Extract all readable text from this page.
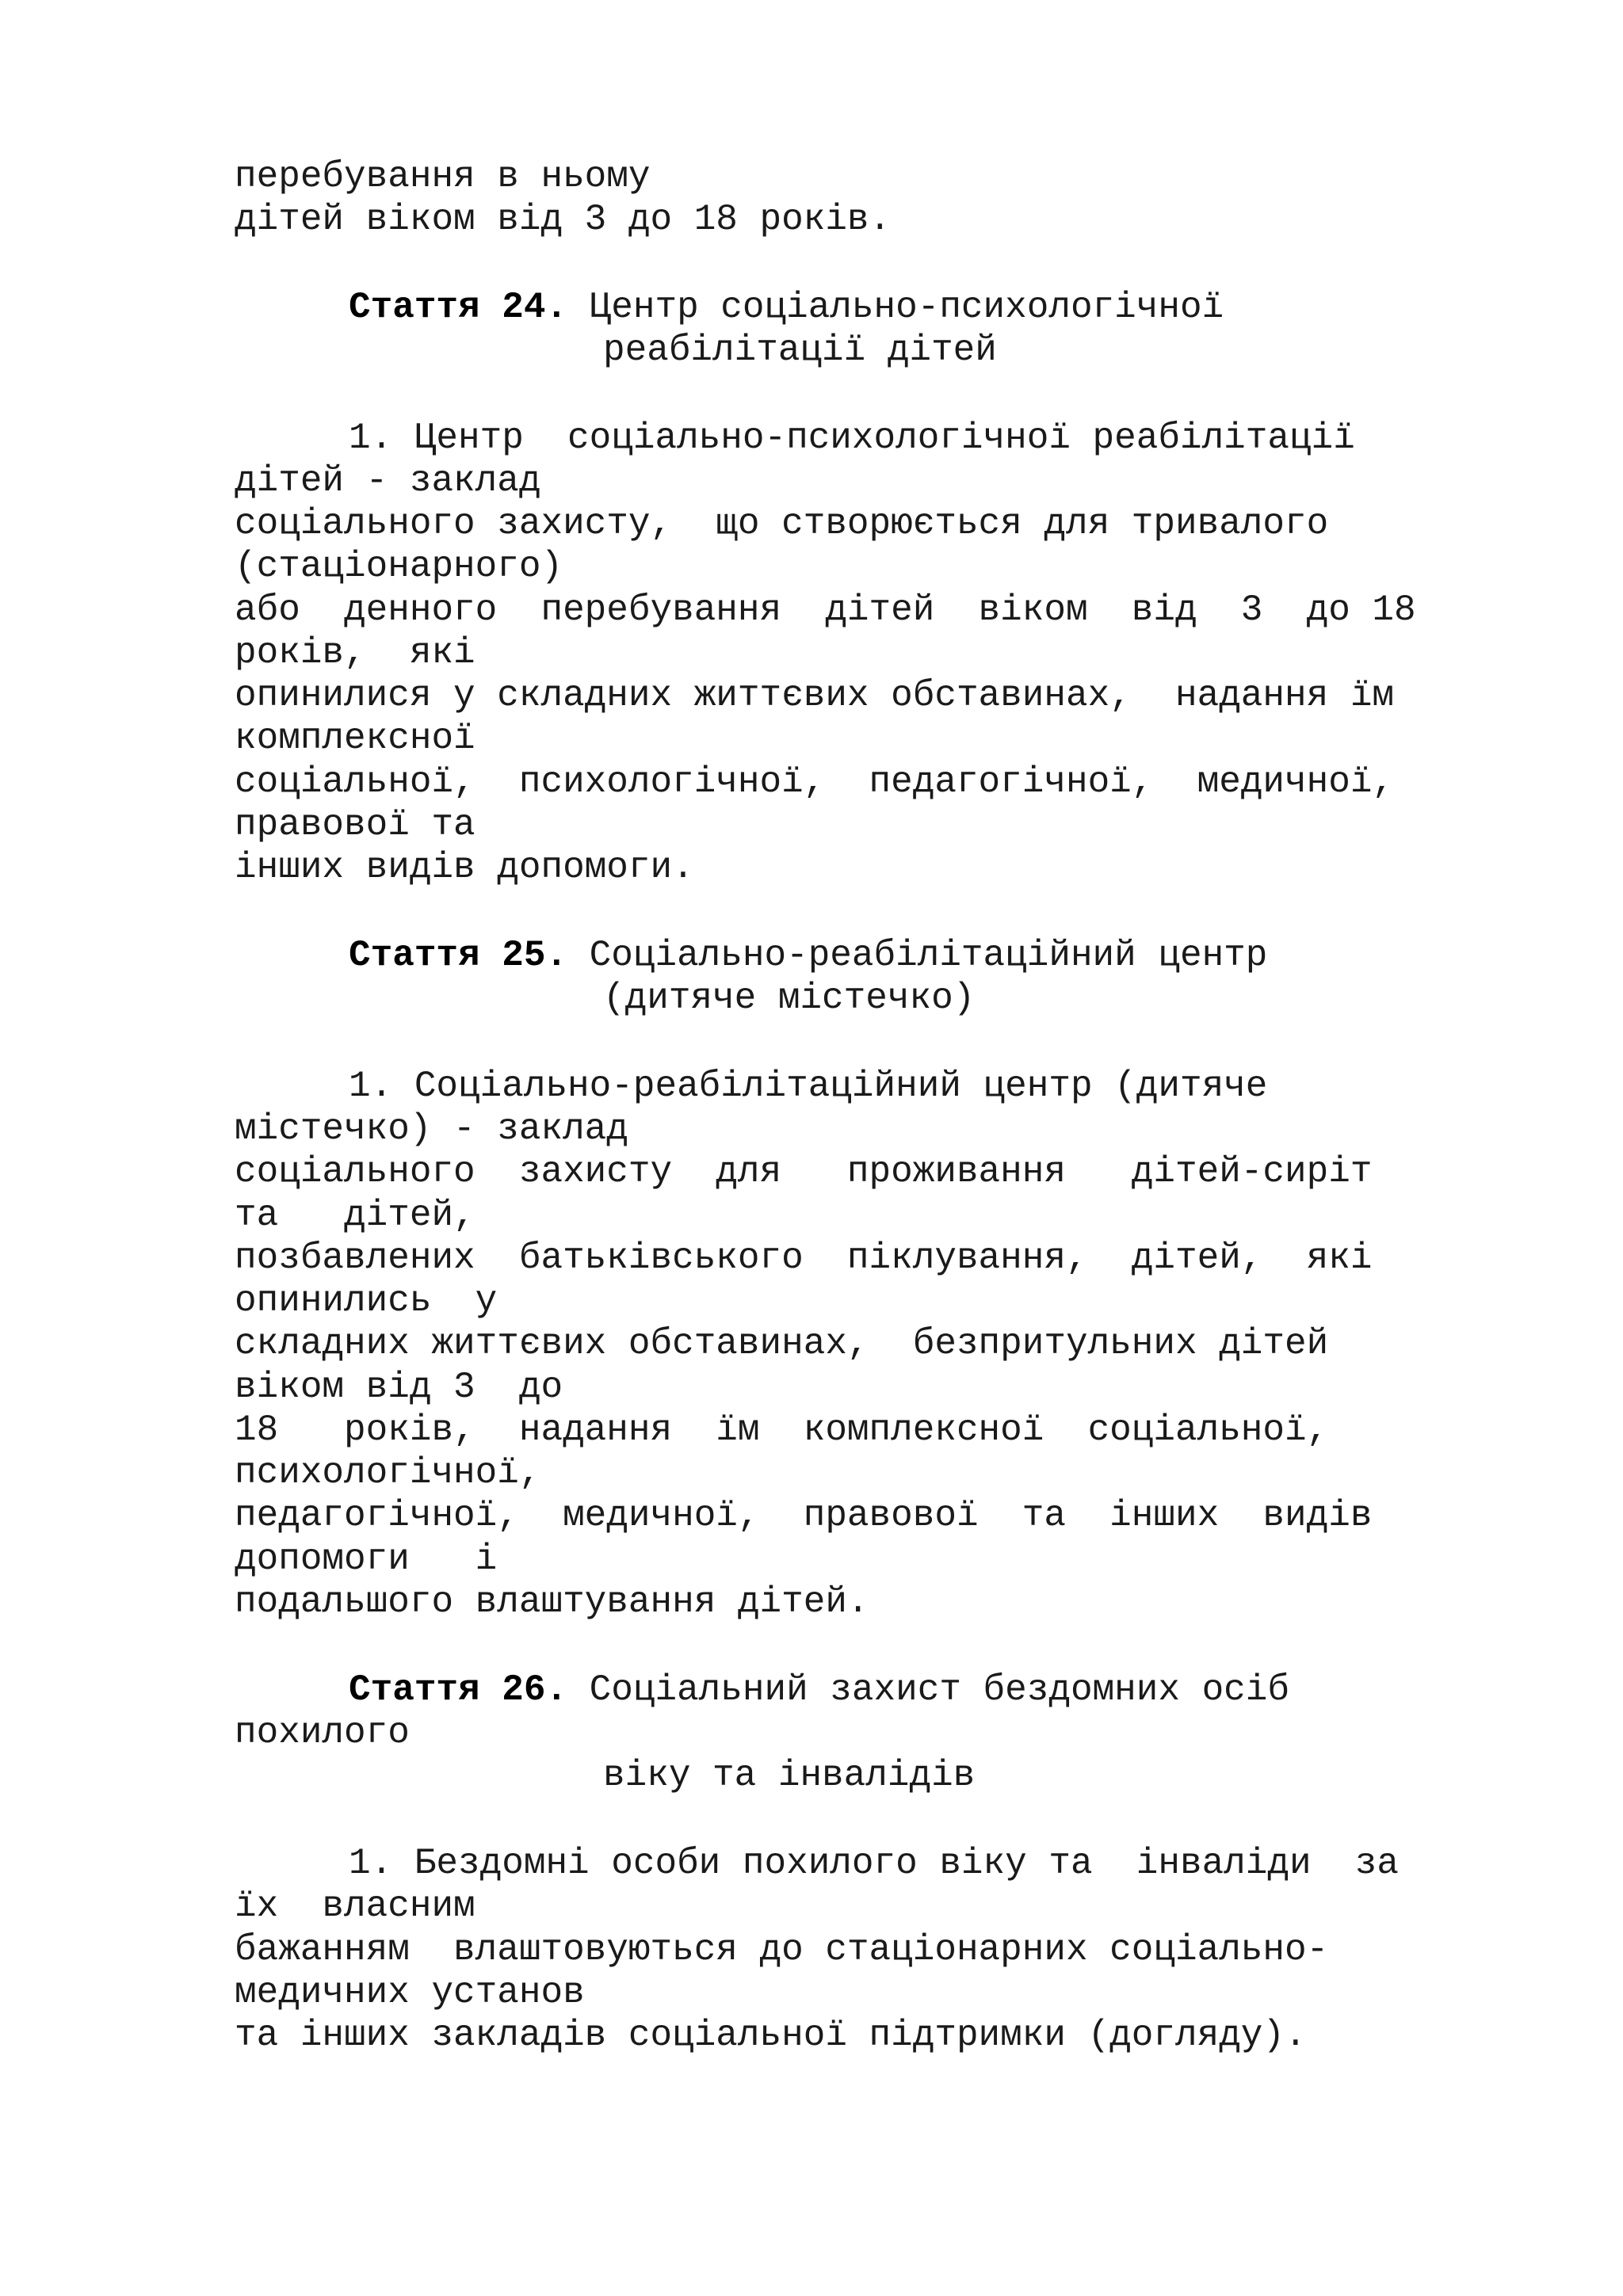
перебування в ньому

дітей віком від 3 до 18 років.

Стаття 24. Центр соціально-психологічної

реабілітації дітей

1. Центр  соціально-психологічної реабілітації

дітей - заклад

соціального захисту,  що створюється для тривалого

(стаціонарного)

або  денного  перебування  дітей  віком  від  3  до 18

років,  які

опинилися у складних життєвих обставинах,  надання їм

комплексної

соціальної,  психологічної,  педагогічної,  медичної,

правової та

інших видів допомоги.

Стаття 25. Соціально-реабілітаційний центр

(дитяче містечко)

1. Соціально-реабілітаційний центр (дитяче

містечко) - заклад

соціального  захисту  для   проживання   дітей-сиріт

та   дітей,

позбавлених  батьківського  піклування,  дітей,  які

опинились  у

складних життєвих обставинах,  безпритульних дітей

віком від 3  до

18   років,  надання  їм  комплексної  соціальної,

психологічної,

педагогічної,  медичної,  правової  та  інших  видів

допомоги   і

подальшого влаштування дітей.

Стаття 26. Соціальний захист бездомних осіб

похилого

віку та інвалідів

1. Бездомні особи похилого віку та  інваліди  за

їх  власним

бажанням  влаштовуються до стаціонарних соціально-

медичних установ

та інших закладів соціальної підтримки (догляду).
